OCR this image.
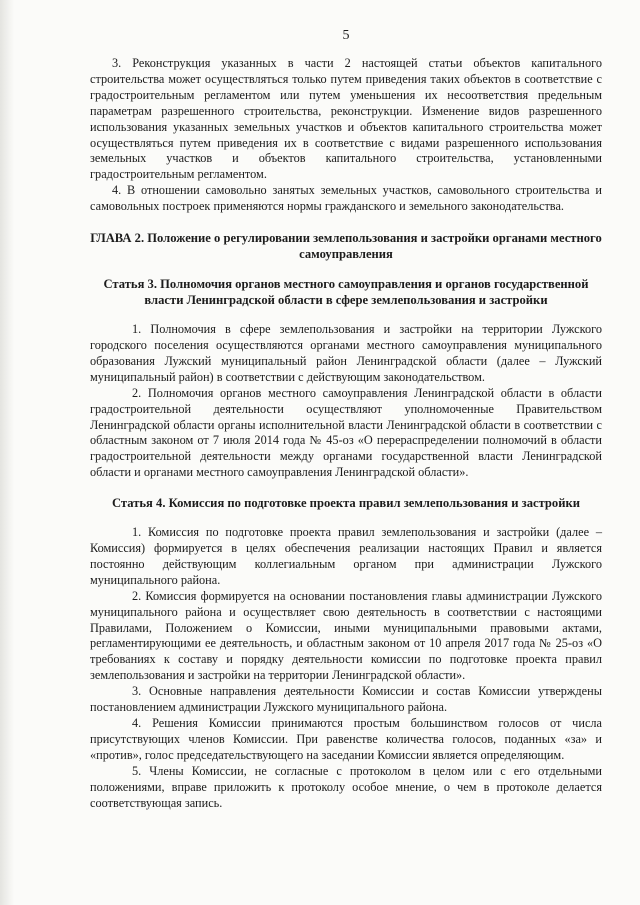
5

3. Реконструкция указанных в части 2 настоящей статьи объектов капитального строительства может осуществляться только путем приведения таких объектов в соответствие с градостроительным регламентом или путем уменьшения их несоответствия предельным параметрам разрешенного строительства, реконструкции. Изменение видов разрешенного использования указанных земельных участков и объектов капитального строительства может осуществляться путем приведения их в соответствие с видами разрешенного использования земельных участков и объектов капитального строительства, установленными градостроительным регламентом.

4. В отношении самовольно занятых земельных участков, самовольного строительства и самовольных построек применяются нормы гражданского и земельного законодательства.

ГЛАВА 2. Положение о регулировании землепользования и застройки органами местного самоуправления
Статья 3. Полномочия органов местного самоуправления и органов государственной власти Ленинградской области в сфере землепользования и застройки

1. Полномочия в сфере землепользования и застройки на территории Лужского городского поселения осуществляются органами местного самоуправления муниципального образования Лужский муниципальный район Ленинградской области (далее – Лужский муниципальный район) в соответствии с действующим законодательством.

2. Полномочия органов местного самоуправления Ленинградской области в области градостроительной деятельности осуществляют уполномоченные Правительством Ленинградской области органы исполнительной власти Ленинградской области в соответствии с областным законом от 7 июля 2014 года № 45-оз «О перераспределении полномочий в области градостроительной деятельности между органами государственной власти Ленинградской области и органами местного самоуправления Ленинградской области».

Статья 4. Комиссия по подготовке проекта правил землепользования и застройки

1. Комиссия по подготовке проекта правил землепользования и застройки (далее – Комиссия) формируется в целях обеспечения реализации настоящих Правил и является постоянно действующим коллегиальным органом при администрации Лужского муниципального района.

2. Комиссия формируется на основании постановления главы администрации Лужского муниципального района и осуществляет свою деятельность в соответствии с настоящими Правилами, Положением о Комиссии, иными муниципальными правовыми актами, регламентирующими ее деятельность, и областным законом от 10 апреля 2017 года № 25-оз «О требованиях к составу и порядку деятельности комиссии по подготовке проекта правил землепользования и застройки на территории Ленинградской области».

3. Основные направления деятельности Комиссии и состав Комиссии утверждены постановлением администрации Лужского муниципального района.

4. Решения Комиссии принимаются простым большинством голосов от числа присутствующих членов Комиссии. При равенстве количества голосов, поданных «за» и «против», голос председательствующего на заседании Комиссии является определяющим.

5. Члены Комиссии, не согласные с протоколом в целом или с его отдельными положениями, вправе приложить к протоколу особое мнение, о чем в протоколе делается соответствующая запись.
